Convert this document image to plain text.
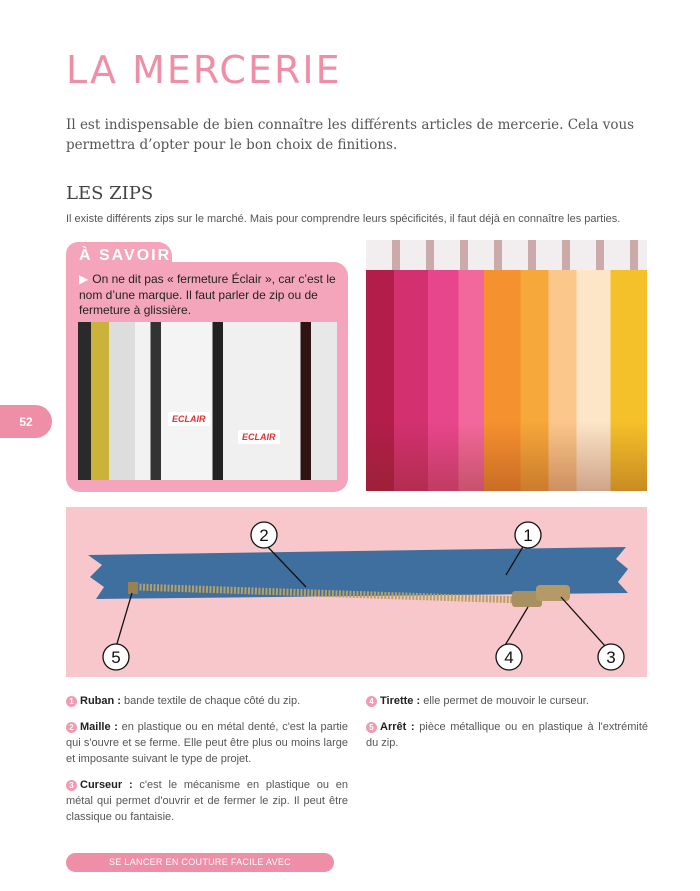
LA MERCERIE
Il est indispensable de bien connaître les différents articles de mercerie. Cela vous permettra d’opter pour le bon choix de finitions.
LES ZIPS
Il existe différents zips sur le marché. Mais pour comprendre leurs spécificités, il faut déjà en connaître les parties.
À SAVOIR
▶ On ne dit pas « fermeture Éclair », car c’est le nom d’une marque. Il faut parler de zip ou de fermeture à glissière.
ECLAIR
ECLAIR
52
2	1
3
4
5

1 Ruban : bande textile de chaque côté du zip.

2 Maille : en plastique ou en métal denté, c'est la partie qui s'ouvre et se ferme. Elle peut être plus ou moins large et imposante suivant le type de projet.

3 Curseur : c'est le mécanisme en plastique ou en métal qui permet d'ouvrir et de fermer le zip. Il peut être classique ou fantaisie.

4 Tirette : elle permet de mouvoir le curseur.

5 Arrêt : pièce métallique ou en plastique à l'extrémité du zip.

SE LANCER EN COUTURE FACILE AVEC CREAPASSIONS.COM
